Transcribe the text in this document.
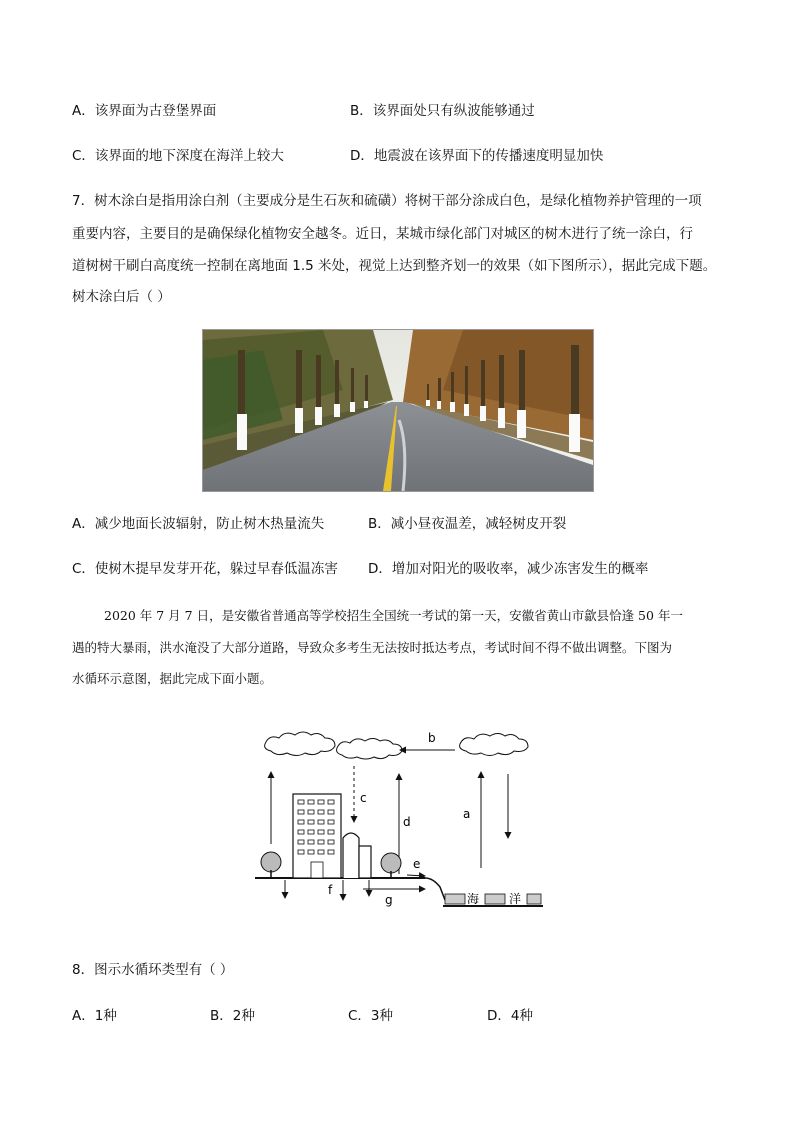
A．该界面为古登堡界面	B．该界面处只有纵波能够通过
C．该界面的地下深度在海洋上较大	D．地震波在该界面下的传播速度明显加快
7．树木涂白是指用涂白剂（主要成分是生石灰和硫磺）将树干部分涂成白色，是绿化植物养护管理的一项
重要内容，主要目的是确保绿化植物安全越冬。近日，某城市绿化部门对城区的树木进行了统一涂白，行
道树树干刷白高度统一控制在离地面 1.5 米处，视觉上达到整齐划一的效果（如下图所示），据此完成下题。
树木涂白后（ ）
A．减少地面长波辐射，防止树木热量流失	B．减小昼夜温差，减轻树皮开裂
C．使树木提早发芽开花，躲过早春低温冻害 D．增加对阳光的吸收率，减少冻害发生的概率
2020 年 7 月 7 日，是安徽省普通高等学校招生全国统一考试的第一天，安徽省黄山市歙县恰逢 50 年一
遇的特大暴雨，洪水淹没了大部分道路，导致众多考生无法按时抵达考点，考试时间不得不做出调整。下图为
水循环示意图，据此完成下面小题。
b
c
d
a
e
f
g	海 洋
8．图示水循环类型有（ ）
A．1种	B．2种	C．3种	D．4种
